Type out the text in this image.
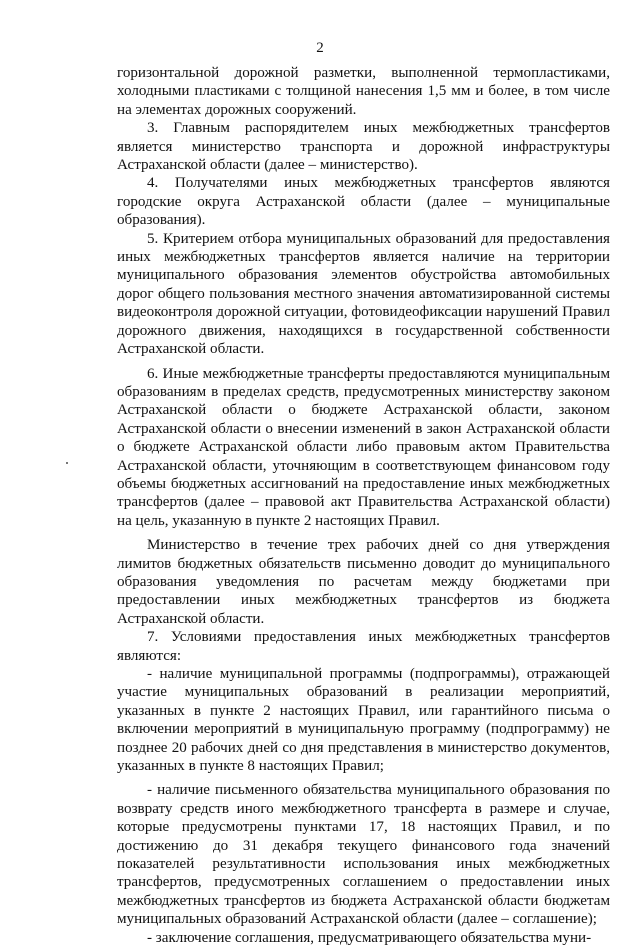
2

горизонтальной дорожной разметки, выполненной термопластиками, холодными пластиками с толщиной нанесения 1,5 мм и более, в том числе на элементах дорожных сооружений.

3. Главным распорядителем иных межбюджетных трансфертов является министерство транспорта и дорожной инфраструктуры Астраханской области (далее – министерство).

4. Получателями иных межбюджетных трансфертов являются городские округа Астраханской области (далее – муниципальные образования).

5. Критерием отбора муниципальных образований для предоставления иных межбюджетных трансфертов является наличие на территории муниципального образования элементов обустройства автомобильных дорог общего пользования местного значения автоматизированной системы видеоконтроля дорожной ситуации, фотовидеофиксации нарушений Правил дорожного движения, находящихся в государственной собственности Астраханской области.

6. Иные межбюджетные трансферты предоставляются муниципальным образованиям в пределах средств, предусмотренных министерству законом Астраханской области о бюджете Астраханской области, законом Астраханской области о внесении изменений в закон Астраханской области о бюджете Астраханской области либо правовым актом Правительства Астраханской области, уточняющим в соответствующем финансовом году объемы бюджетных ассигнований на предоставление иных межбюджетных трансфертов (далее – правовой акт Правительства Астраханской области) на цель, указанную в пункте 2 настоящих Правил.

Министерство в течение трех рабочих дней со дня утверждения лимитов бюджетных обязательств письменно доводит до муниципального образования уведомления по расчетам между бюджетами при предоставлении иных межбюджетных трансфертов из бюджета Астраханской области.

7. Условиями предоставления иных межбюджетных трансфертов являются:

- наличие муниципальной программы (подпрограммы), отражающей участие муниципальных образований в реализации мероприятий, указанных в пункте 2 настоящих Правил, или гарантийного письма о включении мероприятий в муниципальную программу (подпрограмму) не позднее 20 рабочих дней со дня представления в министерство документов, указанных в пункте 8 настоящих Правил;

- наличие письменного обязательства муниципального образования по возврату средств иного межбюджетного трансферта в размере и случае, которые предусмотрены пунктами 17, 18 настоящих Правил, и по достижению до 31 декабря текущего финансового года значений показателей результативности использования иных межбюджетных трансфертов, предусмотренных соглашением о предоставлении иных межбюджетных трансфертов из бюджета Астраханской области бюджетам муниципальных образований Астраханской области (далее – соглашение);

- заключение соглашения, предусматривающего обязательства муни-
